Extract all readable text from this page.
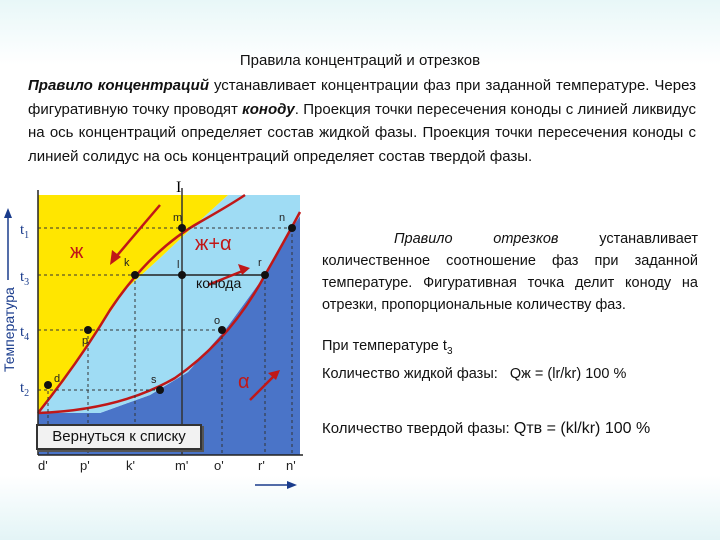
Правила концентраций и отрезков
Правило концентраций устанавливает концентрации фаз при заданной температуре. Через фигуративную точку проводят коноду. Проекция точки пересечения коноды с линией ликвидус на ось концентраций определяет состав жидкой фазы. Проекция точки пересечения коноды с линией солидус на ось концентраций определяет состав твердой фазы.
I
ж	ж+α
α
конода
m	n
k	l	r
o
p
d	s
d' p'	k'	m' o'	r' n'
$t_1$
$t_3$
$t_4$
$t_2$
Температура
Правило отрезков устанавливает количественное соотношение фаз при заданной температуре. Фигуративная точка делит коноду на отрезки, пропорциональные количеству фаз.
При температуре $t_3$
Количество жидкой фазы: Qж = (lr/kr) 100 %
Количество твердой фазы: Qтв = (kl/kr) 100 %
Вернуться к списку
